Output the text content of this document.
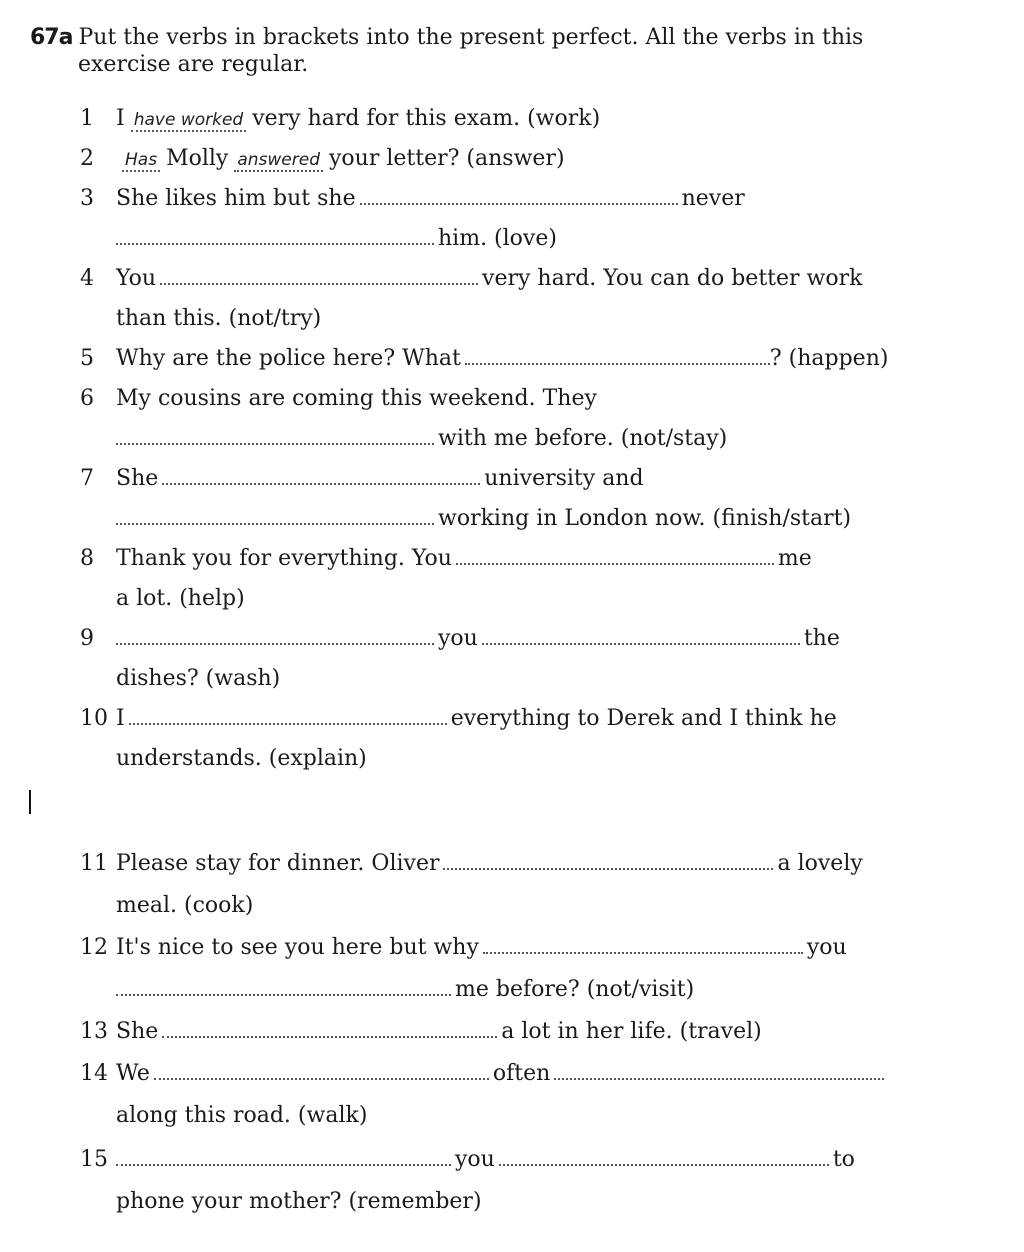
67a Put the verbs in brackets into the present perfect. All the verbs in this
exercise are regular.
1 I have worked very hard for this exam. (work)
2 Has Molly answered your letter? (answer)
3 She likes him but she	never
him. (love)
4 You	very hard. You can do better work
than this. (not/try)
5 Why are the police here? What	? (happen)
6 My cousins are coming this weekend. They
with me before. (not/stay)
7 She	university and
working in London now. (finish/start)
8 Thank you for everything. You	me
a lot. (help)
9	you	the
dishes? (wash)
10 I	everything to Derek and I think he
understands. (explain)
11 Please stay for dinner. Oliver	a lovely
meal. (cook)
12 It's nice to see you here but why	you
me before? (not/visit)
13 She	a lot in her life. (travel)
14 We	often
along this road. (walk)
15	you	to
phone your mother? (remember)
